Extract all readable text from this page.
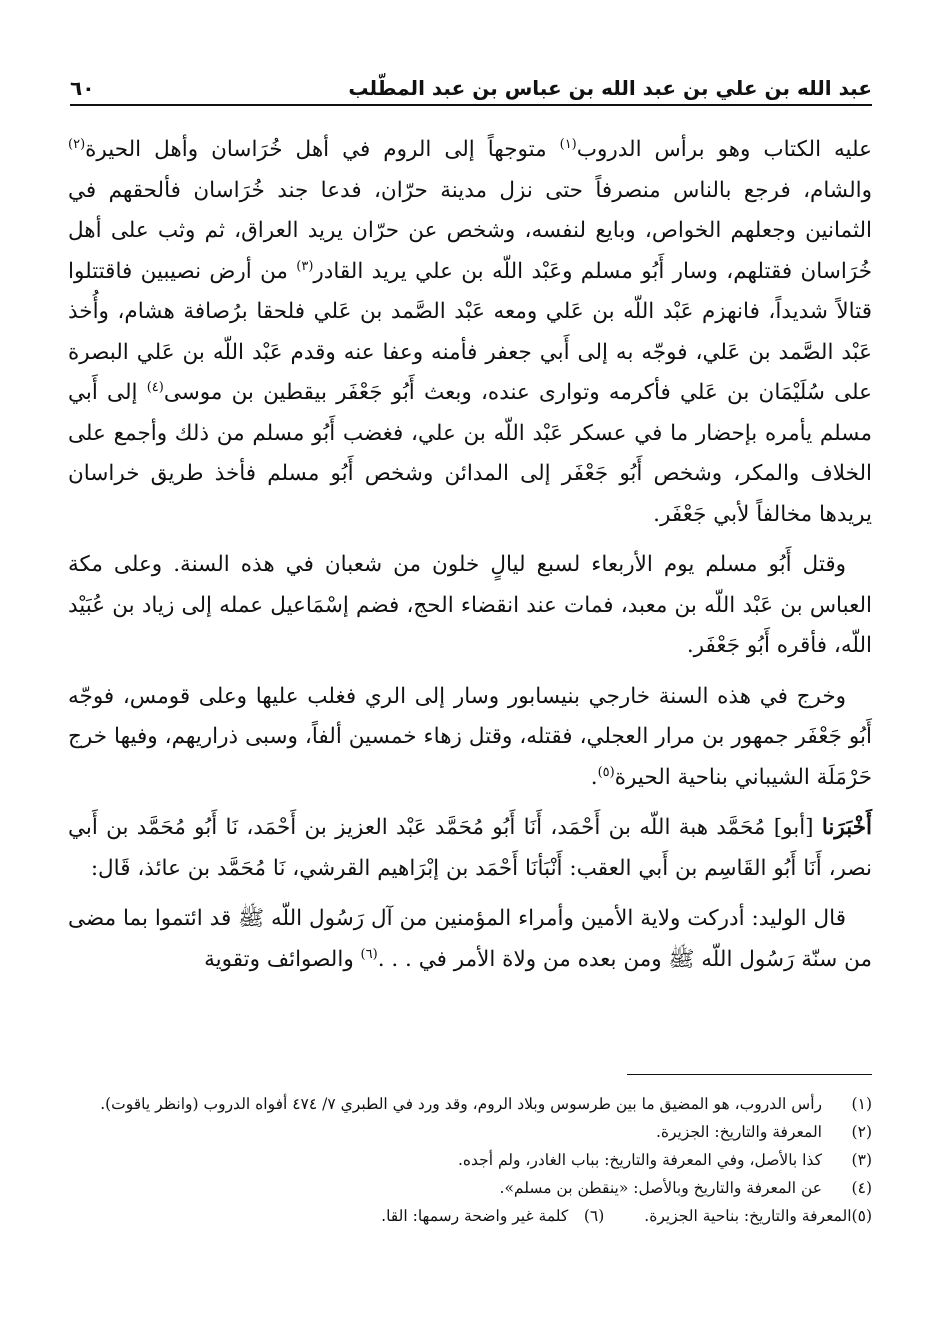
عبد الله بن علي بن عبد الله بن عباس بن عبد المطّلب
٦٠

عليه الكتاب وهو برأس الدروب$^{(١)}$ متوجهاً إلى الروم في أهل خُرَاسان وأهل الحيرة$^{(٢)}$ والشام، فرجع بالناس منصرفاً حتى نزل مدينة حرّان، فدعا جند خُرَاسان فألحقهم في الثمانين وجعلهم الخواص، وبايع لنفسه، وشخص عن حرّان يريد العراق، ثم وثب على أهل خُرَاسان فقتلهم، وسار أَبُو مسلم وعَبْد اللّه بن علي يريد القادر$^{(٣)}$ من أرض نصيبين فاقتتلوا قتالاً شديداً، فانهزم عَبْد اللّه بن عَلي ومعه عَبْد الصَّمد بن عَلي فلحقا برُصافة هشام، وأُخذ عَبْد الصَّمد بن عَلي، فوجّه به إلى أَبي جعفر فأمنه وعفا عنه وقدم عَبْد اللّه بن عَلي البصرة على سُلَيْمَان بن عَلي فأكرمه وتوارى عنده، وبعث أَبُو جَعْفَر بيقطين بن موسى$^{(٤)}$ إلى أَبي مسلم يأمره بإحضار ما في عسكر عَبْد اللّه بن علي، فغضب أَبُو مسلم من ذلك وأجمع على الخلاف والمكر، وشخص أَبُو جَعْفَر إلى المدائن وشخص أَبُو مسلم فأخذ طريق خراسان يريدها مخالفاً لأبي جَعْفَر.

وقتل أَبُو مسلم يوم الأربعاء لسبع ليالٍ خلون من شعبان في هذه السنة. وعلى مكة العباس بن عَبْد اللّه بن معبد، فمات عند انقضاء الحج، فضم إسْمَاعيل عمله إلى زياد بن عُبَيْد اللّه، فأقره أَبُو جَعْفَر.

وخرج في هذه السنة خارجي بنيسابور وسار إلى الري فغلب عليها وعلى قومس، فوجّه أَبُو جَعْفَر جمهور بن مرار العجلي، فقتله، وقتل زهاء خمسين ألفاً، وسبى ذراريهم، وفيها خرج حَرْمَلَة الشيباني بناحية الحيرة$^{(٥)}$.

أَخْبَرَنا [أبو] مُحَمَّد هبة اللّه بن أَحْمَد، أَنَا أَبُو مُحَمَّد عَبْد العزيز بن أَحْمَد، نَا أَبُو مُحَمَّد بن أَبي نصر، أَنَا أَبُو القَاسِم بن أَبي العقب: أَنْبَأنَا أَحْمَد بن إبْرَاهيم القرشي، نَا مُحَمَّد بن عائذ، قَال:

قال الوليد: أدركت ولاية الأمين وأمراء المؤمنين من آل رَسُول اللّه ﷺ قد ائتموا بما مضى من سنّة رَسُول اللّه ﷺ ومن بعده من ولاة الأمر في . . .$^{(٦)}$ والصوائف وتقوية

(١)
رأس الدروب، هو المضيق ما بين طرسوس وبلاد الروم، وقد ورد في الطبري ٧/ ٤٧٤ أفواه الدروب (وانظر ياقوت).
(٢)
المعرفة والتاريخ: الجزيرة.
(٣)
كذا بالأصل، وفي المعرفة والتاريخ: بباب الغادر، ولم أجده.
(٤)
عن المعرفة والتاريخ وبالأصل: «ينقطن بن مسلم».
(٥)
المعرفة والتاريخ: بناحية الجزيرة.
(٦)
كلمة غير واضحة رسمها: القا.
